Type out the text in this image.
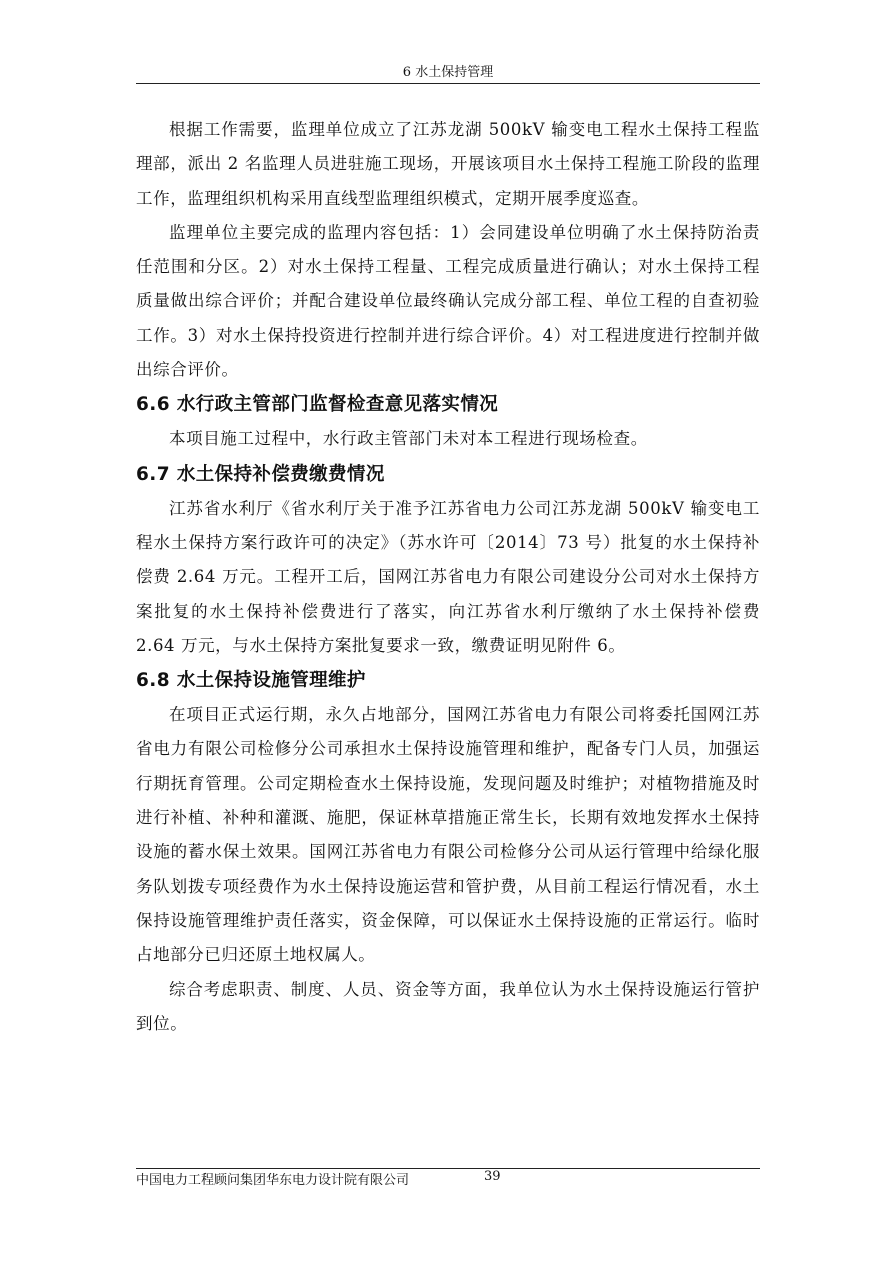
6 水土保持管理

根据工作需要，监理单位成立了江苏龙湖 500kV 输变电工程水土保持工程监理部，派出 2 名监理人员进驻施工现场，开展该项目水土保持工程施工阶段的监理工作，监理组织机构采用直线型监理组织模式，定期开展季度巡查。

监理单位主要完成的监理内容包括：1）会同建设单位明确了水土保持防治责任范围和分区。2）对水土保持工程量、工程完成质量进行确认；对水土保持工程质量做出综合评价；并配合建设单位最终确认完成分部工程、单位工程的自查初验工作。3）对水土保持投资进行控制并进行综合评价。4）对工程进度进行控制并做出综合评价。

6.6 水行政主管部门监督检查意见落实情况

本项目施工过程中，水行政主管部门未对本工程进行现场检查。

6.7 水土保持补偿费缴费情况

江苏省水利厅《省水利厅关于准予江苏省电力公司江苏龙湖 500kV 输变电工程水土保持方案行政许可的决定》（苏水许可〔2014〕73 号）批复的水土保持补偿费 2.64 万元。工程开工后，国网江苏省电力有限公司建设分公司对水土保持方案批复的水土保持补偿费进行了落实，向江苏省水利厅缴纳了水土保持补偿费 2.64 万元，与水土保持方案批复要求一致，缴费证明见附件 6。

6.8 水土保持设施管理维护

在项目正式运行期，永久占地部分，国网江苏省电力有限公司将委托国网江苏省电力有限公司检修分公司承担水土保持设施管理和维护，配备专门人员，加强运行期抚育管理。公司定期检查水土保持设施，发现问题及时维护；对植物措施及时进行补植、补种和灌溉、施肥，保证林草措施正常生长，长期有效地发挥水土保持设施的蓄水保土效果。国网江苏省电力有限公司检修分公司从运行管理中给绿化服务队划拨专项经费作为水土保持设施运营和管护费，从目前工程运行情况看，水土保持设施管理维护责任落实，资金保障，可以保证水土保持设施的正常运行。临时占地部分已归还原土地权属人。

综合考虑职责、制度、人员、资金等方面，我单位认为水土保持设施运行管护到位。

中国电力工程顾问集团华东电力设计院有限公司	39
